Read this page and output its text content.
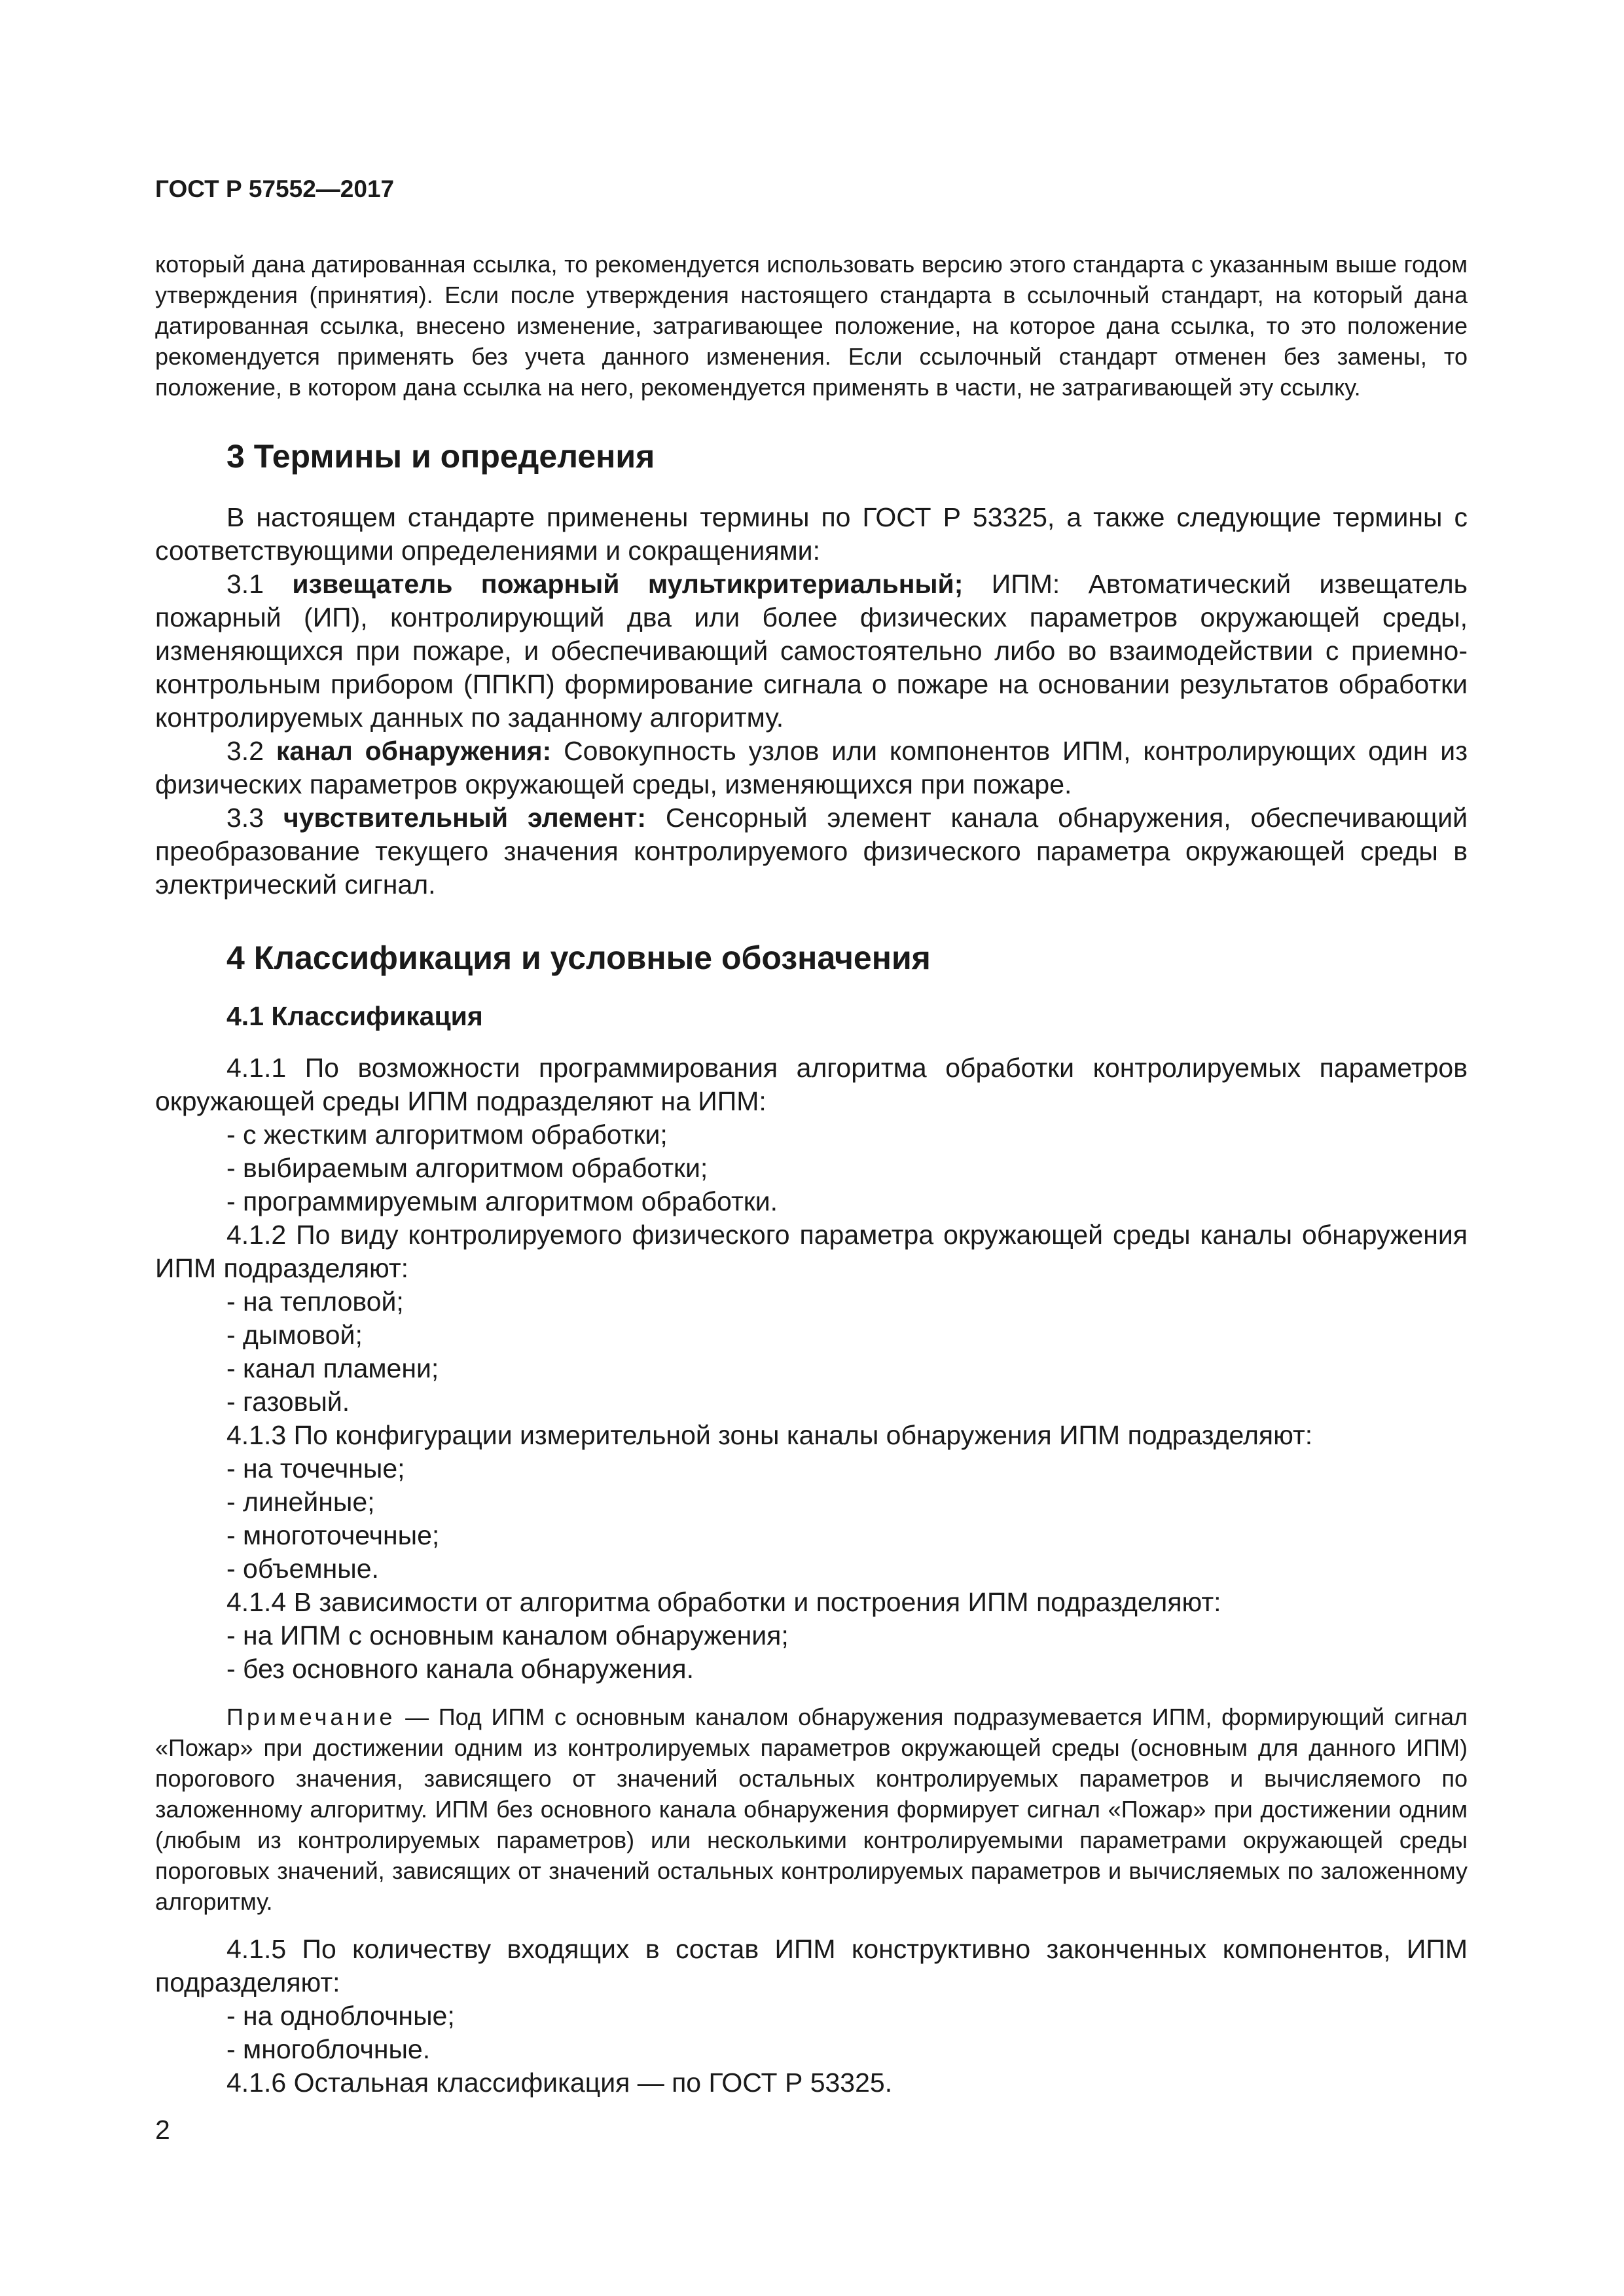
ГОСТ Р 57552—2017

который дана датированная ссылка, то рекомендуется использовать версию этого стандарта с указанным выше годом утверждения (принятия). Если после утверждения настоящего стандарта в ссылочный стандарт, на который дана датированная ссылка, внесено изменение, затрагивающее положение, на которое дана ссылка, то это положение рекомендуется применять без учета данного изменения. Если ссылочный стандарт отменен без замены, то положение, в котором дана ссылка на него, рекомендуется применять в части, не затрагивающей эту ссылку.

3 Термины и определения

В настоящем стандарте применены термины по ГОСТ Р 53325, а также следующие термины с соответствующими определениями и сокращениями:

3.1 извещатель пожарный мультикритериальный; ИПМ: Автоматический извещатель пожарный (ИП), контролирующий два или более физических параметров окружающей среды, изменяющихся при пожаре, и обеспечивающий самостоятельно либо во взаимодействии с приемно-контрольным прибором (ППКП) формирование сигнала о пожаре на основании результатов обработки контролируемых данных по заданному алгоритму.

3.2 канал обнаружения: Совокупность узлов или компонентов ИПМ, контролирующих один из физических параметров окружающей среды, изменяющихся при пожаре.

3.3 чувствительный элемент: Сенсорный элемент канала обнаружения, обеспечивающий преобразование текущего значения контролируемого физического параметра окружающей среды в электрический сигнал.

4 Классификация и условные обозначения
4.1 Классификация

4.1.1 По возможности программирования алгоритма обработки контролируемых параметров окружающей среды ИПМ подразделяют на ИПМ:

- с жестким алгоритмом обработки;

- выбираемым алгоритмом обработки;

- программируемым алгоритмом обработки.

4.1.2 По виду контролируемого физического параметра окружающей среды каналы обнаружения ИПМ подразделяют:

- на тепловой;

- дымовой;

- канал пламени;

- газовый.

4.1.3 По конфигурации измерительной зоны каналы обнаружения ИПМ подразделяют:

- на точечные;

- линейные;

- многоточечные;

- объемные.

4.1.4 В зависимости от алгоритма обработки и построения ИПМ подразделяют:

- на ИПМ с основным каналом обнаружения;

- без основного канала обнаружения.

Примечание — Под ИПМ с основным каналом обнаружения подразумевается ИПМ, формирующий сигнал «Пожар» при достижении одним из контролируемых параметров окружающей среды (основным для данного ИПМ) порогового значения, зависящего от значений остальных контролируемых параметров и вычисляемого по заложенному алгоритму. ИПМ без основного канала обнаружения формирует сигнал «Пожар» при достижении одним (любым из контролируемых параметров) или несколькими контролируемыми параметрами окружающей среды пороговых значений, зависящих от значений остальных контролируемых параметров и вычисляемых по заложенному алгоритму.

4.1.5 По количеству входящих в состав ИПМ конструктивно законченных компонентов, ИПМ подразделяют:

- на одноблочные;

- многоблочные.

4.1.6 Остальная классификация — по ГОСТ Р 53325.

2
